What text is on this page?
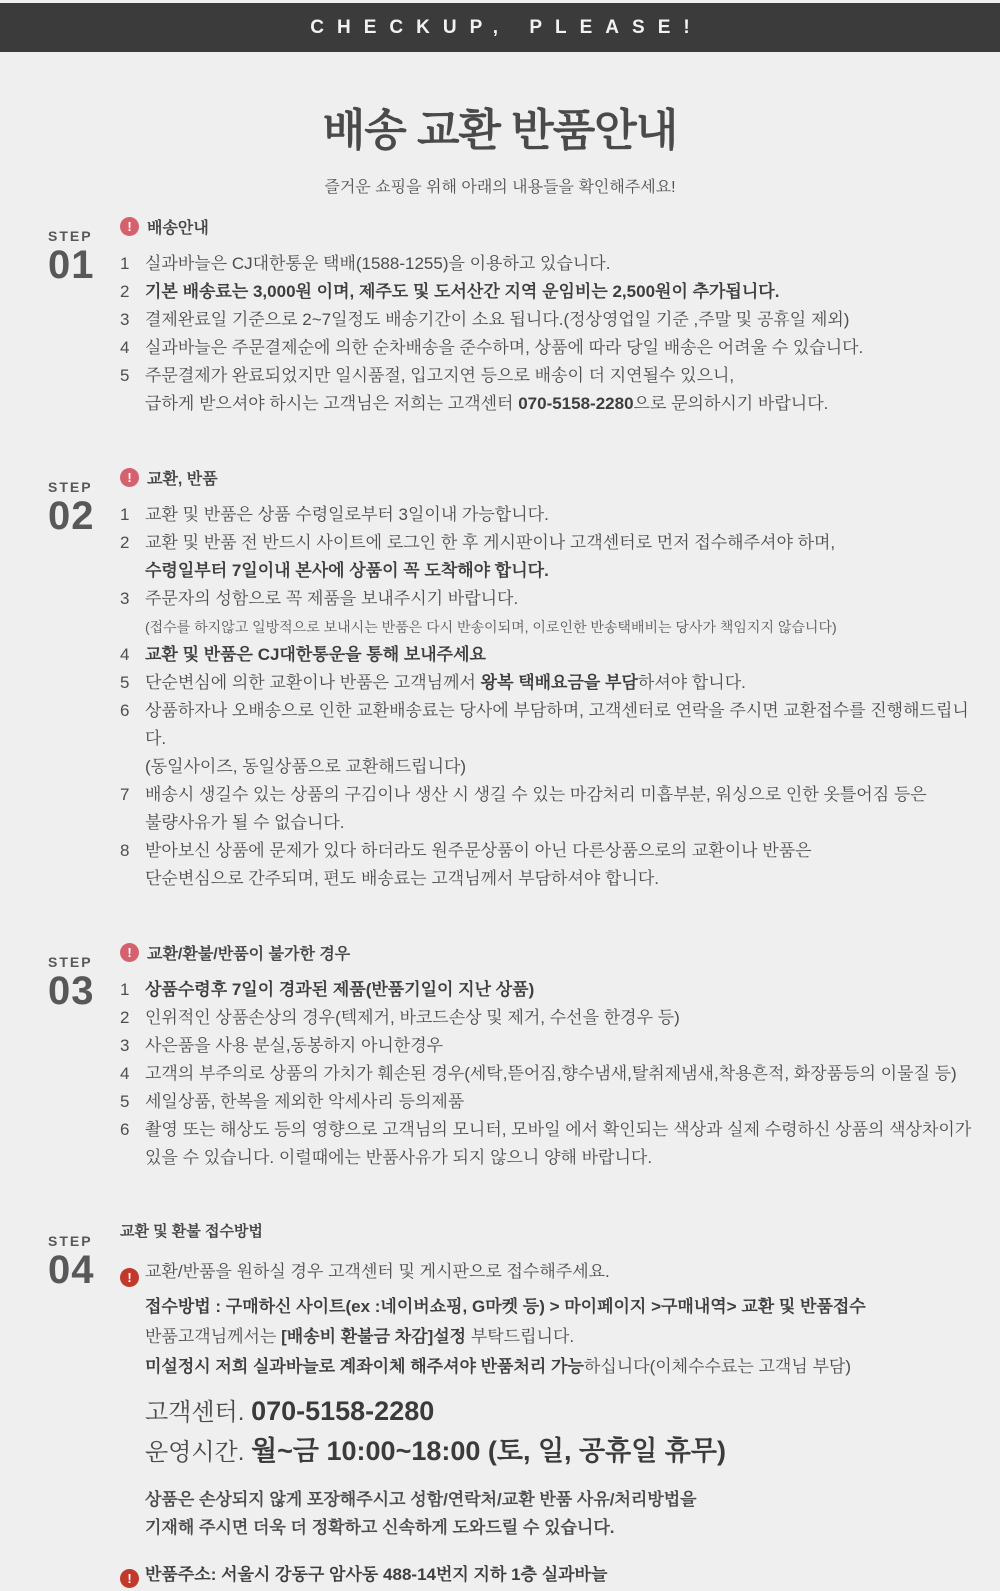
CHECKUP, PLEASE!
배송 교환 반품안내

즐거운 쇼핑을 위해 아래의 내용들을 확인해주세요!

STEP
01
! 배송안내
1 실과바늘은 CJ대한통운 택배(1588-1255)을 이용하고 있습니다.
2 기본 배송료는 3,000원 이며, 제주도 및 도서산간 지역 운임비는 2,500원이 추가됩니다.
3 결제완료일 기준으로 2~7일정도 배송기간이 소요 됩니다.(정상영업일 기준 ,주말 및 공휴일 제외)
4 실과바늘은 주문결제순에 의한 순차배송을 준수하며, 상품에 따라 당일 배송은 어려울 수 있습니다.
5 주문결제가 완료되었지만 일시품절, 입고지연 등으로 배송이 더 지연될수 있으니,
급하게 받으셔야 하시는 고객님은 저희는 고객센터 070-5158-2280으로 문의하시기 바랍니다.
STEP
02
! 교환, 반품
1 교환 및 반품은 상품 수령일로부터 3일이내 가능합니다.
2 교환 및 반품 전 반드시 사이트에 로그인 한 후 게시판이나 고객센터로 먼저 접수해주셔야 하며,
수령일부터 7일이내 본사에 상품이 꼭 도착해야 합니다.
3 주문자의 성함으로 꼭 제품을 보내주시기 바랍니다.
(접수를 하지않고 일방적으로 보내시는 반품은 다시 반송이되며, 이로인한 반송택배비는 당사가 책임지지 않습니다)
4 교환 및 반품은 CJ대한통운을 통해 보내주세요
5 단순변심에 의한 교환이나 반품은 고객님께서 왕복 택배요금을 부담하셔야 합니다.
6 상품하자나 오배송으로 인한 교환배송료는 당사에 부담하며, 고객센터로 연락을 주시면 교환접수를 진행해드립니다.
(동일사이즈, 동일상품으로 교환해드립니다)
7 배송시 생길수 있는 상품의 구김이나 생산 시 생길 수 있는 마감처리 미흡부분, 워싱으로 인한 옷틀어짐 등은
불량사유가 될 수 없습니다.
8 받아보신 상품에 문제가 있다 하더라도 원주문상품이 아닌 다른상품으로의 교환이나 반품은
단순변심으로 간주되며, 편도 배송료는 고객님께서 부담하셔야 합니다.
STEP
03
! 교환/환불/반품이 불가한 경우
1 상품수령후 7일이 경과된 제품(반품기일이 지난 상품)
2 인위적인 상품손상의 경우(텍제거, 바코드손상 및 제거, 수선을 한경우 등)
3 사은품을 사용 분실,동봉하지 아니한경우
4 고객의 부주의로 상품의 가치가 훼손된 경우(세탁,뜯어짐,향수냄새,탈취제냄새,착용흔적, 화장품등의 이물질 등)
5 세일상품, 한복을 제외한 악세사리 등의제품
6 촬영 또는 해상도 등의 영향으로 고객님의 모니터, 모바일 에서 확인되는 색상과 실제 수령하신 상품의 색상차이가
있을 수 있습니다. 이럴때에는 반품사유가 되지 않으니 양해 바랍니다.
STEP
04
교환 및 환불 접수방법
! 교환/반품을 원하실 경우 고객센터 및 게시판으로 접수해주세요.
접수방법 : 구매하신 사이트(ex :네이버쇼핑, G마켓 등) > 마이페이지 >구매내역> 교환 및 반품접수
반품고객님께서는 [배송비 환불금 차감]설정 부탁드립니다.
미설정시 저희 실과바늘로 계좌이체 해주셔야 반품처리 가능하십니다(이체수수료는 고객님 부담)
고객센터. 070-5158-2280
운영시간. 월~금 10:00~18:00 (토, 일, 공휴일 휴무)
상품은 손상되지 않게 포장해주시고 성함/연락처/교환 반품 사유/처리방법을
기재해 주시면 더욱 더 정확하고 신속하게 도와드릴 수 있습니다.
! 반품주소: 서울시 강동구 암사동 488-14번지 지하 1층 실과바늘
